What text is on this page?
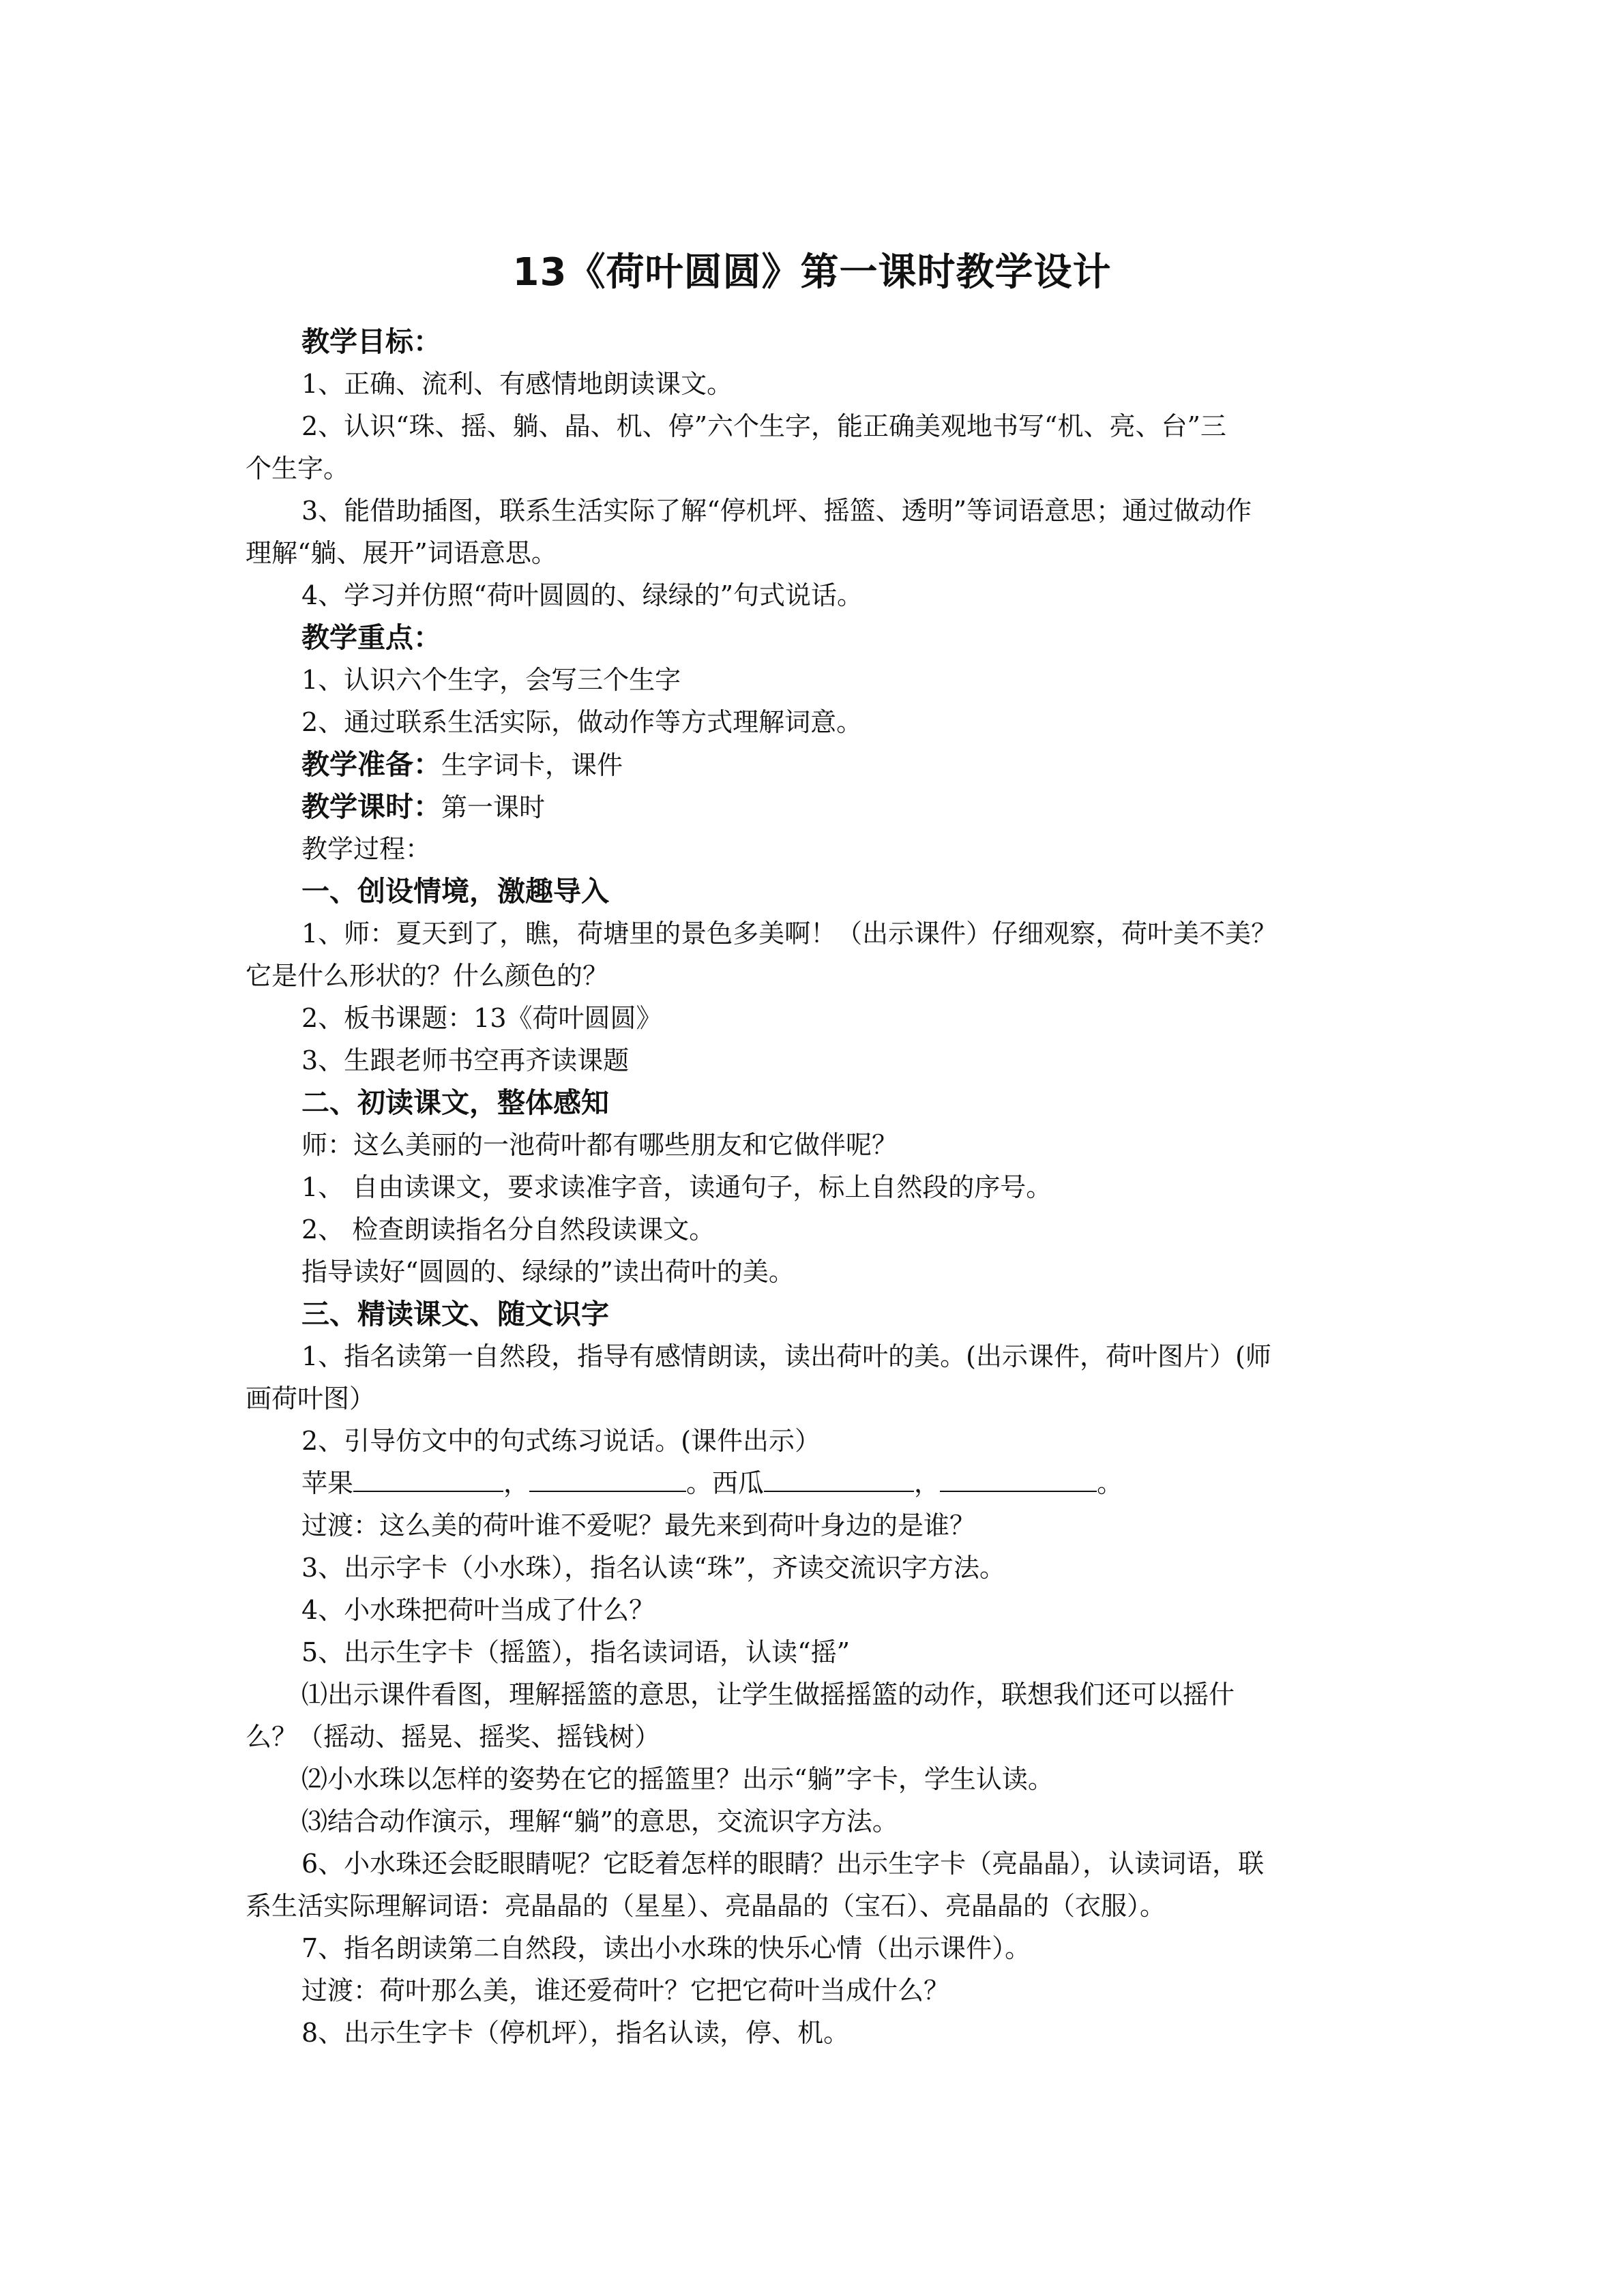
13《荷叶圆圆》第一课时教学设计
教学目标：
1、正确、流利、有感情地朗读课文。
2、认识“珠、摇、躺、晶、机、停”六个生字，能正确美观地书写“机、亮、台”三
个生字。
3、能借助插图，联系生活实际了解“停机坪、摇篮、透明”等词语意思；通过做动作
理解“躺、展开”词语意思。
4、学习并仿照“荷叶圆圆的、绿绿的”句式说话。
教学重点：
1、认识六个生字，会写三个生字
2、通过联系生活实际，做动作等方式理解词意。
教学准备：生字词卡，课件
教学课时：第一课时
教学过程：
一、创设情境，激趣导入
1、师：夏天到了，瞧，荷塘里的景色多美啊！（出示课件）仔细观察，荷叶美不美？
它是什么形状的？什么颜色的？
2、板书课题：13《荷叶圆圆》
3、生跟老师书空再齐读课题
二、初读课文，整体感知
师：这么美丽的一池荷叶都有哪些朋友和它做伴呢？
1、 自由读课文，要求读准字音，读通句子，标上自然段的序号。
2、 检查朗读指名分自然段读课文。
指导读好“圆圆的、绿绿的”读出荷叶的美。
三、精读课文、随文识字
1、指名读第一自然段，指导有感情朗读，读出荷叶的美。(出示课件，荷叶图片）(师
画荷叶图）
2、引导仿文中的句式练习说话。(课件出示）
苹果	，	。西瓜	，	。
过渡：这么美的荷叶谁不爱呢？最先来到荷叶身边的是谁？
3、出示字卡（小水珠），指名认读“珠”，齐读交流识字方法。
4、小水珠把荷叶当成了什么？
5、出示生字卡（摇篮），指名读词语，认读“摇”
⑴出示课件看图，理解摇篮的意思，让学生做摇摇篮的动作，联想我们还可以摇什
么？（摇动、摇晃、摇奖、摇钱树）
⑵小水珠以怎样的姿势在它的摇篮里？出示“躺”字卡，学生认读。
⑶结合动作演示，理解“躺”的意思，交流识字方法。
6、小水珠还会眨眼睛呢？它眨着怎样的眼睛？出示生字卡（亮晶晶），认读词语，联
系生活实际理解词语：亮晶晶的（星星）、亮晶晶的（宝石）、亮晶晶的（衣服）。
7、指名朗读第二自然段，读出小水珠的快乐心情（出示课件）。
过渡：荷叶那么美，谁还爱荷叶？它把它荷叶当成什么？
8、出示生字卡（停机坪），指名认读，停、机。
